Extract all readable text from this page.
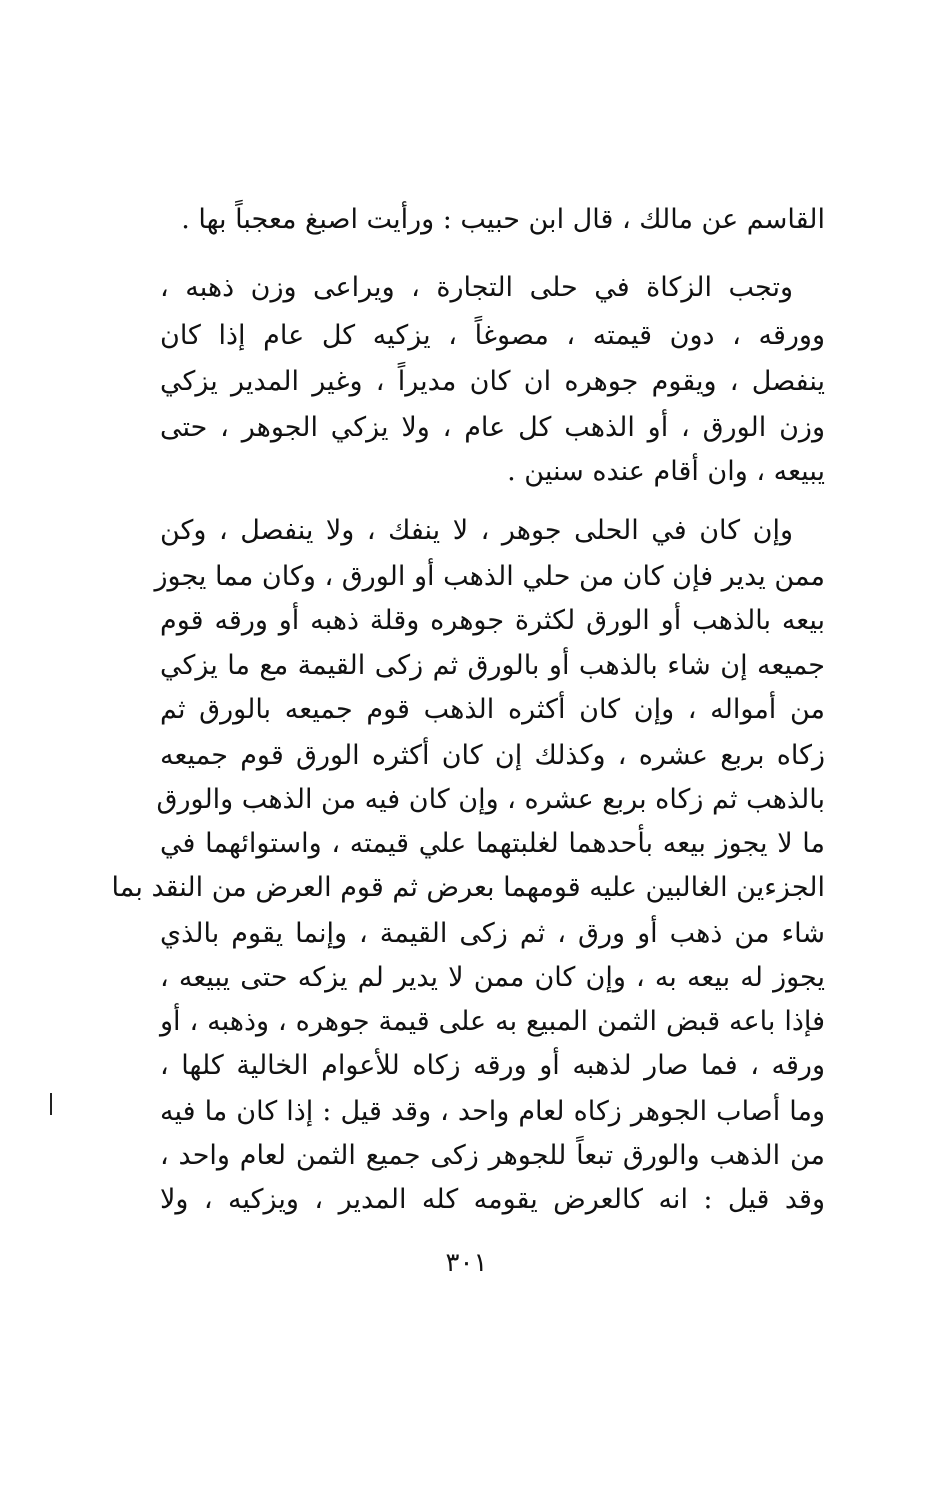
القاسم عن مالك ، قال ابن حبيب : ورأيت اصبغ معجباً بها .
وتجب الزكاة في حلى التجارة ، ويراعى وزن ذهبه ،
وورقه ، دون قيمته ، مصوغاً ، يزكيه كل عام إذا كان
ينفصل ، ويقوم جوهره ان كان مديراً ، وغير المدير يزكي
وزن الورق ، أو الذهب كل عام ، ولا يزكي الجوهر ، حتى
يبيعه ، وان أقام عنده سنين .
وإن كان في الحلى جوهر ، لا ينفك ، ولا ينفصل ، وكن
ممن يدير فإن كان من حلي الذهب أو الورق ، وكان مما يجوز
بيعه بالذهب أو الورق لكثرة جوهره وقلة ذهبه أو ورقه قوم
جميعه إن شاء بالذهب أو بالورق ثم زكى القيمة مع ما يزكي
من أمواله ، وإن كان أكثره الذهب قوم جميعه بالورق ثم
زكاه بربع عشره ، وكذلك إن كان أكثره الورق قوم جميعه
بالذهب ثم زكاه بربع عشره ، وإن كان فيه من الذهب والورق
ما لا يجوز بيعه بأحدهما لغلبتهما علي قيمته ، واستوائهما في
الجزءين الغالبين عليه قومهما بعرض ثم قوم العرض من النقد بما
شاء من ذهب أو ورق ، ثم زكى القيمة ، وإنما يقوم بالذي
يجوز له بيعه به ، وإن كان ممن لا يدير لم يزكه حتى يبيعه ،
فإذا باعه قبض الثمن المبيع به على قيمة جوهره ، وذهبه ، أو
ورقه ، فما صار لذهبه أو ورقه زكاه للأعوام الخالية كلها ،
وما أصاب الجوهر زكاه لعام واحد ، وقد قيل : إذا كان ما فيه
من الذهب والورق تبعاً للجوهر زكى جميع الثمن لعام واحد ،
وقد قيل : انه كالعرض يقومه كله المدير ، ويزكيه ، ولا
٣٠١
